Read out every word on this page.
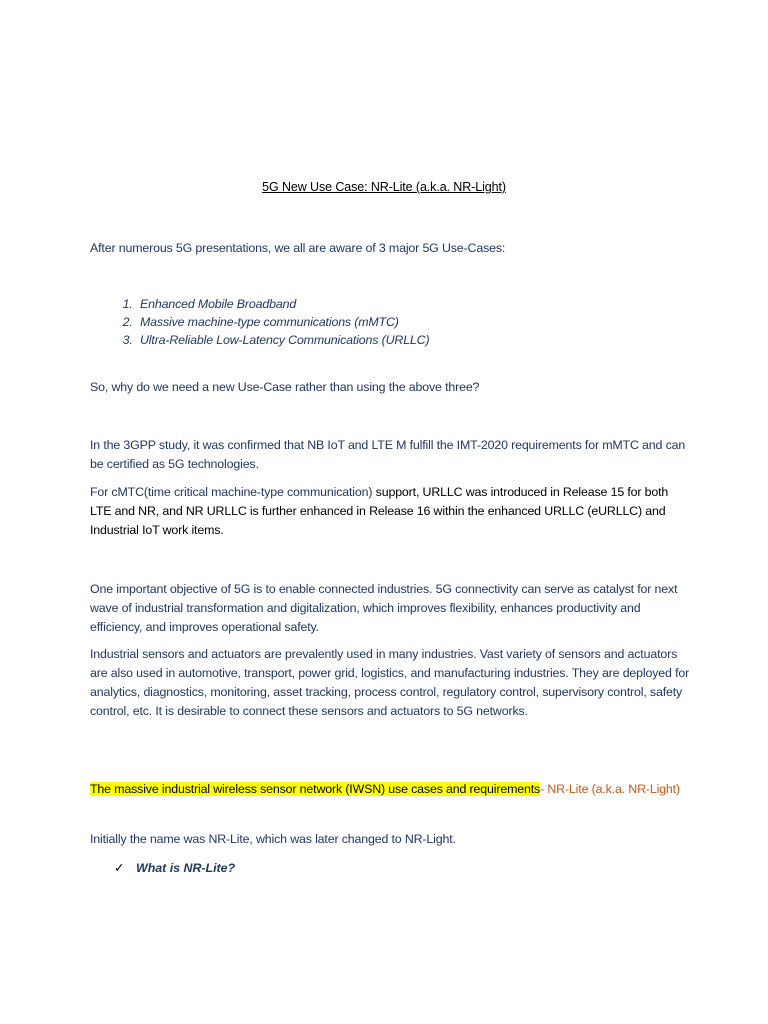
5G New Use Case: NR-Lite (a.k.a. NR-Light)

After numerous 5G presentations, we all are aware of 3 major 5G Use-Cases:

1. Enhanced Mobile Broadband
2. Massive machine-type communications (mMTC)
3. Ultra-Reliable Low-Latency Communications (URLLC)

So, why do we need a new Use-Case rather than using the above three?

In the 3GPP study, it was confirmed that NB IoT and LTE M fulfill the IMT-2020 requirements for mMTC and can be certified as 5G technologies.

For cMTC(time critical machine-type communication) support, URLLC was introduced in Release 15 for both LTE and NR, and NR URLLC is further enhanced in Release 16 within the enhanced URLLC (eURLLC) and Industrial IoT work items.

One important objective of 5G is to enable connected industries. 5G connectivity can serve as catalyst for next wave of industrial transformation and digitalization, which improves flexibility, enhances productivity and efficiency, and improves operational safety.

Industrial sensors and actuators are prevalently used in many industries. Vast variety of sensors and actuators are also used in automotive, transport, power grid, logistics, and manufacturing industries. They are deployed for analytics, diagnostics, monitoring, asset tracking, process control, regulatory control, supervisory control, safety control, etc. It is desirable to connect these sensors and actuators to 5G networks.

The massive industrial wireless sensor network (IWSN) use cases and requirements- NR-Lite (a.k.a. NR-Light)

Initially the name was NR-Lite, which was later changed to NR-Light.

✓ What is NR-Lite?
